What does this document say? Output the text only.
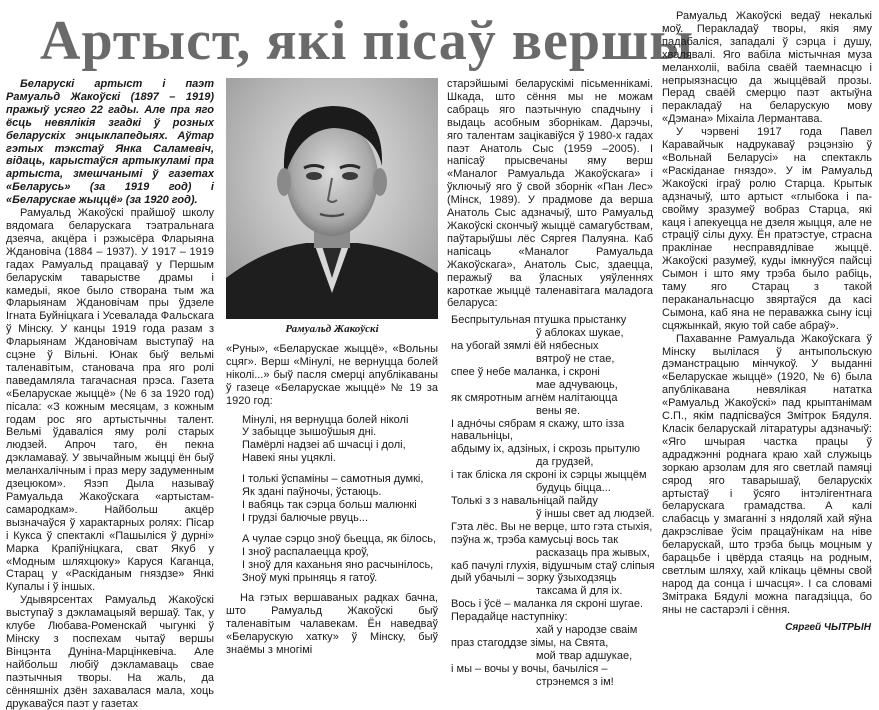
Артыст, які пісаў вершы

Беларускі артыст і паэт Рамуальд Жакоўскі (1897 – 1919) пражыў усяго 22 гады. Але пра яго ёсць невялікія згадкі ў розных беларускіх энцыклапедыях. Аўтар гэтых тэкстаў Янка Саламевіч, відаць, карыстаўся артыкуламі пра артыста, змешчанымі ў газетах «Беларусь» (за 1919 год) і «Беларускае жыццё» (за 1920 год).

Рамуальд Жакоўскі прайшоў школу вядомага беларускага тэатральнага дзеяча, акцёра і рэжысёра Фларыяна Ждановіча (1884 – 1937). У 1917 – 1919 гадах Рамуальд працаваў у Першым беларускім таварыстве драмы і камедыі, якое было створана тым жа Фларыянам Ждановічам пры ўдзеле Ігната Буйніцкага і Усевалада Фальскага ў Мінску. У канцы 1919 года разам з Фларыянам Ждановічам выступаў на сцэне ў Вільні. Юнак быў вельмі таленавітым, становача пра яго ролі паведамляла тагачасная прэса. Газета «Беларускае жыццё» (№ 6 за 1920 год) пісала: «З кожным месяцам, з кожным годам рос яго артыстычны талент. Вельмі ўдаваліся яму ролі старых людзей. Апроч таго, ён пекна дэкламаваў. У звычайным жыцці ён быў меланхалічным і праз меру задуменным дзецюком». Язэп Дыла называў Рамуальда Жакоўскага «артыстам-самародкам». Найбольш акцёр вызначаўся ў характарных ролях: Пісар і Кукса ў спектаклі «Пашыліся ў дурні» Марка Крапіўніцкага, сват Якуб у «Модным шляхцюку» Каруся Каганца, Старац у «Раскіданым гняздзе» Янкі Купалы і ў іншых.

Удывярсентах Рамуальд Жакоўскі выступаў з дэкламацыяй вершаў. Так, у клубе Любава-Роменскай чыгункі ў Мінску з поспехам чытаў вершы Вінцэнта Дуніна-Марцінкевіча. Але найбольш любіў дэкламаваць свае паэтычныя творы. На жаль, да сённяшніх дзён захавалася мала, хоць друкаваўся паэт у газетах

Рамуальд Жакоўскі

«Руны», «Беларускае жыццё», «Вольны сцяг». Верш «Мінулі, не вернуцца болей ніколі...» быў пасля смерці апублікаваны ў газеце «Беларускае жыццё» № 19 за 1920 год:

Мінулі, ня вернуцца болей ніколі
У забыцце зышоўшыя дні.
Памёрлі надзеі аб шчасці і долі,
Навекі яны уцяклі.
І толькі ўспаміны – самотныя думкі,
Як здані паўночы, ўстаюць.
І вабяць так сэрца больш малюнкі
І грудзі балючые рвуць...
А чулае сэрцо зноў бьецца, як білось,
І зноў распалаецца кроў,
І зноў для каханьня яно расчынілось,
Зноў мукі прыняць я гатоў.

На гэтых вершаваных радках бачна, што Рамуальд Жакоўскі быў таленавітым чалавекам. Ён наведваў «Беларускую хатку» ў Мінску, быў знаёмы з многімі

старэйшымі беларускімі пісьменнікамі. Шкада, што сёння мы не можам сабраць яго паэтычную спадчыну і выдаць асобным зборнікам. Дарэчы, яго талентам зацікавіўся ў 1980-х гадах паэт Анатоль Сыс (1959 –2005). І напісаў прысвечаны яму верш «Маналог Рамуальда Жакоўскага» і ўключыў яго ў свой зборнік «Пан Лес» (Мінск, 1989). У прадмове да верша Анатоль Сыс адзначыў, што Рамуальд Жакоўскі скончыў жыццё самагубствам, паўтарыўшы лёс Сяргея Палуяна. Каб напісаць «Маналог Рамуальда Жакоўскага», Анатоль Сыс, здаецца, перажыў ва ўласных уяўленнях кароткае жыццё таленавітага маладога беларуса:

Беспрытульная птушка прыстанку
ў аблоках шукае,
на убогай зямлі ёй нябесных
вятроў не стае,
спее ў небе маланка, і скроні
мае адчуваюць,
як смяротным агнём налітаюцца
вены яе.
І адно́чы сябрам я скажу, што ізза
навальніцы,
абдыму іх, адзіных, і скрозь прытулю
да грудзей,
і так бліска ля скроні іх сэрцы жыццём
будуць біцца...
Толькі з з навальніцай пайду
ў іншы свет ад людзей.
Гэта лёс. Вы не верце, што гэта стыхія,
пэўна ж, трэба камусьці вось так
расказаць пра жывых,
каб пачулі глухія, відушчым стаў сліпыя
дый убачылі – зорку ўзыходзяць
таксама й для іх.
Вось і ўсё – маланка ля скроні шугае.
Перадайце наступніку:
хай у народзе сваім
праз стагоддзе зімы, на Свята,
мой твар адшукае,
і мы – вочы у вочы, бачыліся –
стрэнемся з ім!

Рамуальд Жакоўскі ведаў некалькі моў. Перакладаў творы, якія яму падабаліся, западалі ў сэрца і душу, хвалявалі. Яго вабіла містычная муза меланхоліі, вабіла сваёй таемнасцю і непрыязнасцю да жыццёвай прозы. Перад сваёй смерцю паэт актыўна перакладаў на беларускую мову «Дэмана» Міхаіла Лермантава.

У чэрвені 1917 года Павел Каравайчык надрукаваў рэцэнзію ў «Вольнай Беларусі» на спектакль «Раскіданае гняздо». У ім Рамуальд Жакоўскі іграў ролю Старца. Крытык адзначыў, што артыст «глыбока і па-свойму зразумеў вобраз Старца, які каця і апекуецца не дзеля жыцця, але не страціў сілы духу. Ён пратэстуе, страсна праклінае несправядлівае жыццё. Жакоўскі разумеў, куды імкнуўся пайсці Сымон і што яму трэба было рабіць, таму яго Старац з такой пераканальнасцю звяртаўся да касі Сымона, каб яна не пераважка сыну ісці сцяжынкай, якую той сабе абраў».

Пахаванне Рамуальда Жакоўскага ў Мінску вылілася ў антыпольскую дэманстрацыю мінчукоў. У выданні «Беларускае жыццё» (1920, № 6) была апублікавана невялікая нататка «Рамуальд Жакоўскі» пад крыптанімам С.П., якім падпісваўся Змітрок Бядуля. Класік беларускай літаратуры адзначыў: «Яго шчырая частка працы ў адраджэнні роднага краю хай служыць зоркаю арзолам для яго светлай памяці сярод яго таварышаў, беларускіх артыстаў і ўсяго інтэлігентнага беларускага грамадства. А калі слабасць у змаганні з нядоляй хай яўна дакрэслівае ўсім працаўнікам на ніве беларускай, што трэба быць моцным у барацьбе і цвёрда стаяць на родным, светлым шляху, хай клікаць цёмны свой народ да сонца і шчасця». І са словамі Змітрака Бядулі можна пагадзіцца, бо яны не састарэлі і сёння.

Сяргей ЧЫТРЫН
